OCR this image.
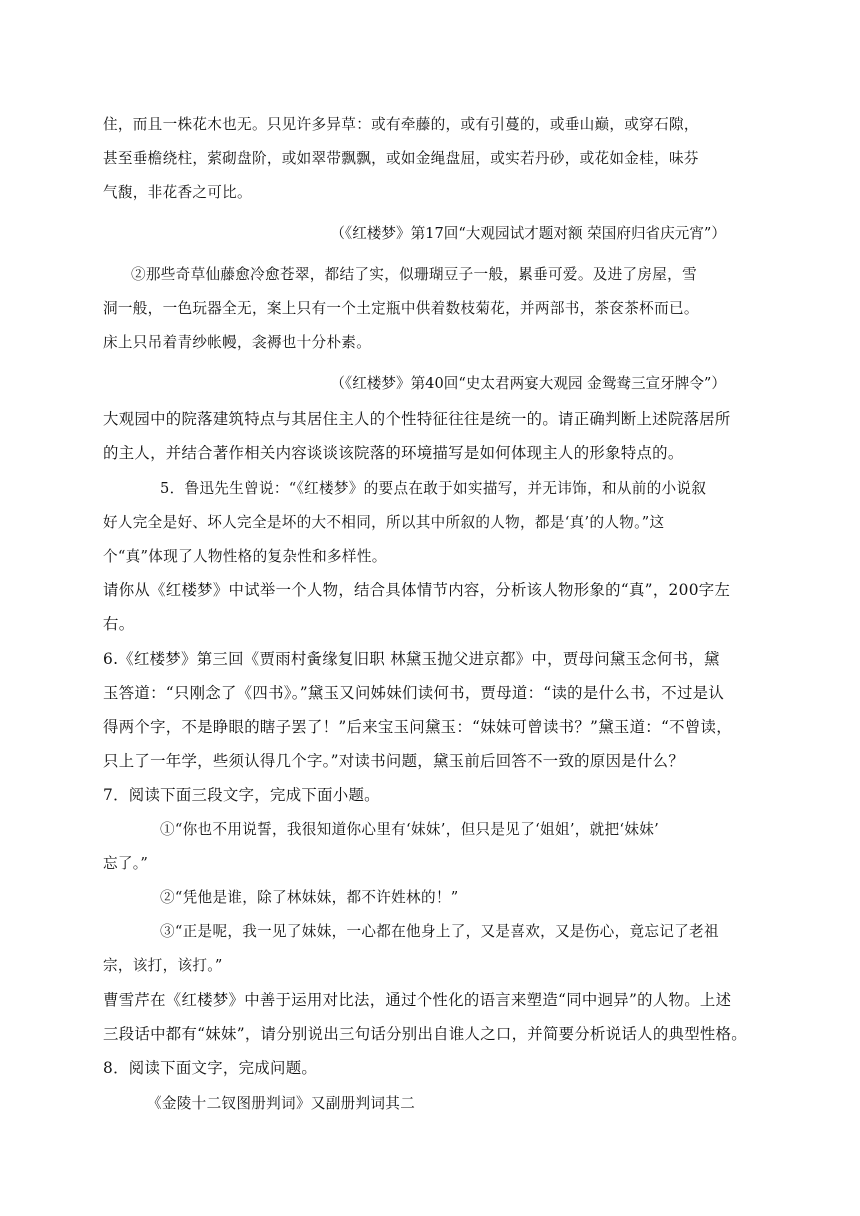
住，而且一株花木也无。只见许多异草：或有牵藤的，或有引蔓的，或垂山巅，或穿石隙，
甚至垂檐绕柱，萦砌盘阶，或如翠带飘飘，或如金绳盘屈，或实若丹砂，或花如金桂，味芬
气馥，非花香之可比。
（《红楼梦》第17回“大观园试才题对额 荣国府归省庆元宵”）
②那些奇草仙藤愈冷愈苍翠，都结了实，似珊瑚豆子一般，累垂可爱。及进了房屋，雪
洞一般，一色玩器全无，案上只有一个土定瓶中供着数枝菊花，并两部书，茶奁茶杯而已。
床上只吊着青纱帐幔，衾褥也十分朴素。
（《红楼梦》第40回“史太君两宴大观园 金鸳鸯三宣牙牌令”）
大观园中的院落建筑特点与其居住主人的个性特征往往是统一的。请正确判断上述院落居所
的主人，并结合著作相关内容谈谈该院落的环境描写是如何体现主人的形象特点的。
5．鲁迅先生曾说：“《红楼梦》的要点在敢于如实描写，并无讳饰，和从前的小说叙
好人完全是好、坏人完全是坏的大不相同，所以其中所叙的人物，都是‘真’的人物。”这
个“真”体现了人物性格的复杂性和多样性。
请你从《红楼梦》中试举一个人物，结合具体情节内容，分析该人物形象的“真”，200字左
右。
6.《红楼梦》第三回《贾雨村夤缘复旧职 林黛玉抛父进京都》中，贾母问黛玉念何书，黛
玉答道：“只刚念了《四书》。”黛玉又问姊妹们读何书，贾母道：“读的是什么书，不过是认
得两个字，不是睁眼的瞎子罢了！”后来宝玉问黛玉：“妹妹可曾读书？”黛玉道：“不曾读，
只上了一年学，些须认得几个字。”对读书问题，黛玉前后回答不一致的原因是什么？
7．阅读下面三段文字，完成下面小题。
①“你也不用说誓，我很知道你心里有‘妹妹’，但只是见了‘姐姐’，就把‘妹妹’
忘了。”
②“凭他是谁，除了林妹妹，都不许姓林的！”
③“正是呢，我一见了妹妹，一心都在他身上了，又是喜欢，又是伤心，竟忘记了老祖
宗，该打，该打。”
曹雪芹在《红楼梦》中善于运用对比法，通过个性化的语言来塑造“同中迥异”的人物。上述
三段话中都有“妹妹”，请分别说出三句话分别出自谁人之口，并简要分析说话人的典型性格。
8．阅读下面文字，完成问题。
《金陵十二钗图册判词》又副册判词其二
